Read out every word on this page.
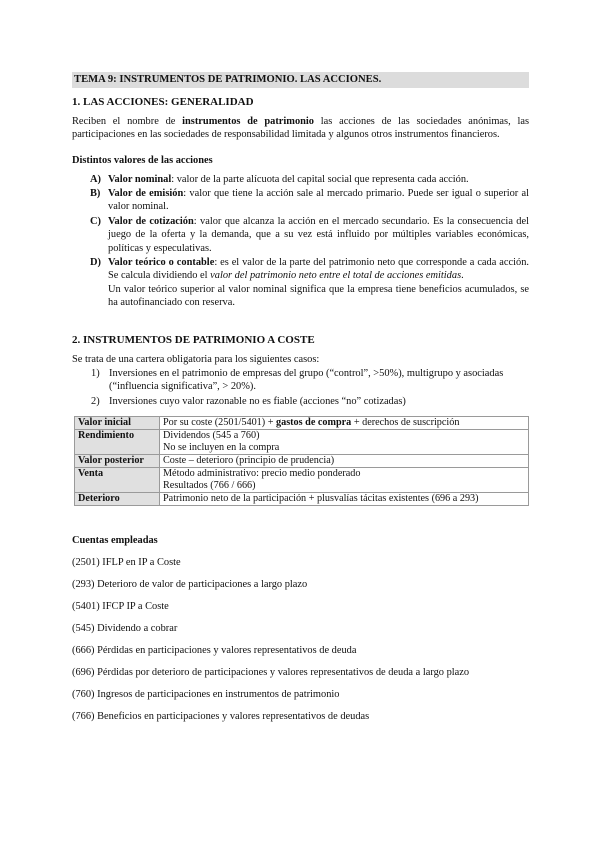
TEMA 9: INSTRUMENTOS DE PATRIMONIO. LAS ACCIONES.
1. LAS ACCIONES: GENERALIDAD
Reciben el nombre de instrumentos de patrimonio las acciones de las sociedades anónimas, las participaciones en las sociedades de responsabilidad limitada y algunos otros instrumentos financieros.
Distintos valores de las acciones
A) Valor nominal: valor de la parte alícuota del capital social que representa cada acción.
B) Valor de emisión: valor que tiene la acción sale al mercado primario. Puede ser igual o superior al valor nominal.
C) Valor de cotización: valor que alcanza la acción en el mercado secundario. Es la consecuencia del juego de la oferta y la demanda, que a su vez está influido por múltiples variables económicas, políticas y especulativas.
D) Valor teórico o contable: es el valor de la parte del patrimonio neto que corresponde a cada acción. Se calcula dividiendo el valor del patrimonio neto entre el total de acciones emitidas.
Un valor teórico superior al valor nominal significa que la empresa tiene beneficios acumulados, se ha autofinanciado con reserva.
2. INSTRUMENTOS DE PATRIMONIO A COSTE
Se trata de una cartera obligatoria para los siguientes casos:
1) Inversiones en el patrimonio de empresas del grupo (“control”, >50%), multigrupo y asociadas (“influencia significativa”, > 20%).
2) Inversiones cuyo valor razonable no es fiable (acciones “no” cotizadas)
Valor inicial	Por su coste (2501/5401) + gastos de compra + derechos de suscripción
Rendimiento	Dividendos (545 a 760)
No se incluyen en la compra

Valor posterior	Coste – deterioro (principio de prudencia)

Venta	Método administrativo: precio medio ponderado
Resultados (766 / 666)

Deterioro	Patrimonio neto de la participación + plusvalías tácitas existentes (696 a 293)
Cuentas empleadas
(2501) IFLP en IP a Coste
(293) Deterioro de valor de participaciones a largo plazo
(5401) IFCP IP a Coste
(545) Dividendo a cobrar
(666) Pérdidas en participaciones y valores representativos de deuda
(696) Pérdidas por deterioro de participaciones y valores representativos de deuda a largo plazo
(760) Ingresos de participaciones en instrumentos de patrimonio
(766) Beneficios en participaciones y valores representativos de deudas
